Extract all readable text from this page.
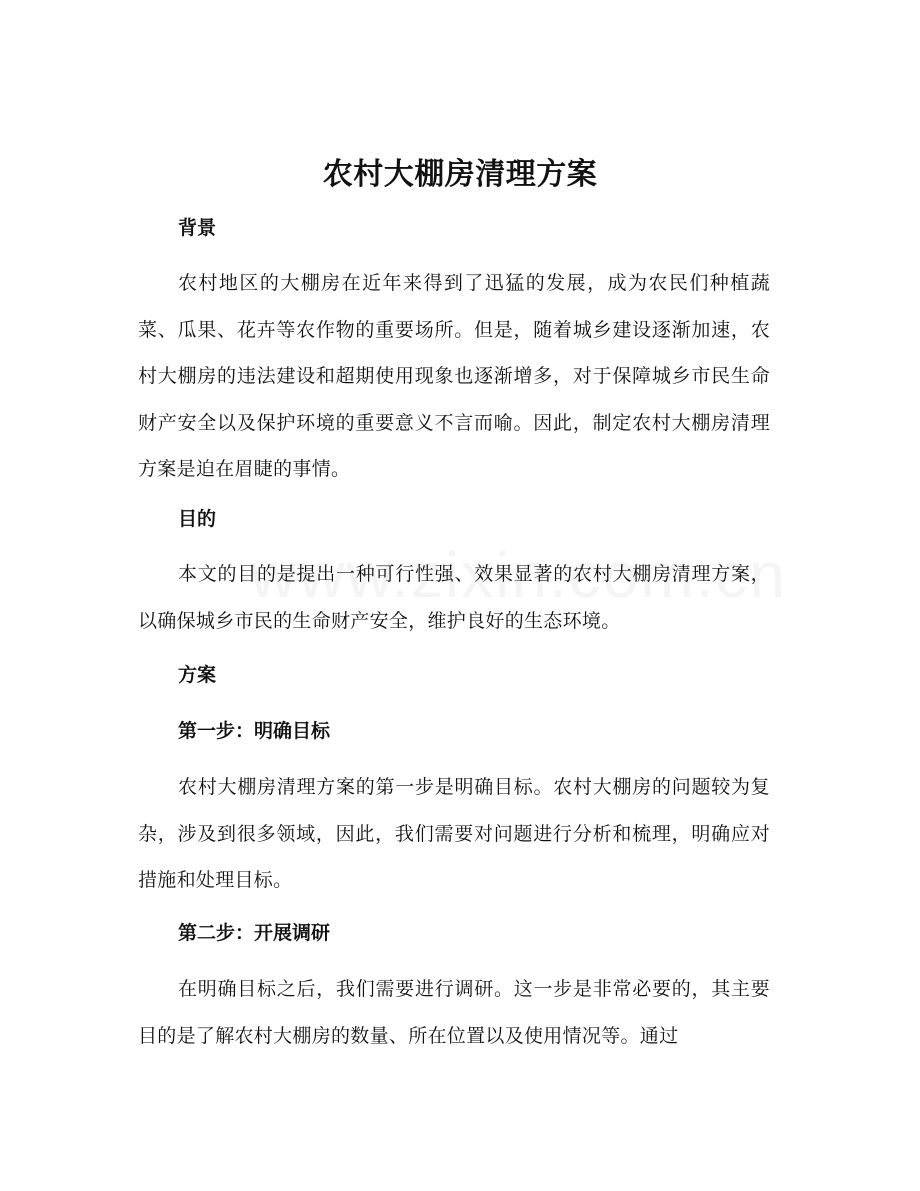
农村大棚房清理方案
背景

农村地区的大棚房在近年来得到了迅猛的发展，成为农民们种植蔬菜、瓜果、花卉等农作物的重要场所。但是，随着城乡建设逐渐加速，农村大棚房的违法建设和超期使用现象也逐渐增多，对于保障城乡市民生命财产安全以及保护环境的重要意义不言而喻。因此，制定农村大棚房清理方案是迫在眉睫的事情。

目的

本文的目的是提出一种可行性强、效果显著的农村大棚房清理方案，以确保城乡市民的生命财产安全，维护良好的生态环境。

方案
第一步：明确目标

农村大棚房清理方案的第一步是明确目标。农村大棚房的问题较为复杂，涉及到很多领域，因此，我们需要对问题进行分析和梳理，明确应对措施和处理目标。

第二步：开展调研

在明确目标之后，我们需要进行调研。这一步是非常必要的，其主要目的是了解农村大棚房的数量、所在位置以及使用情况等。通过
